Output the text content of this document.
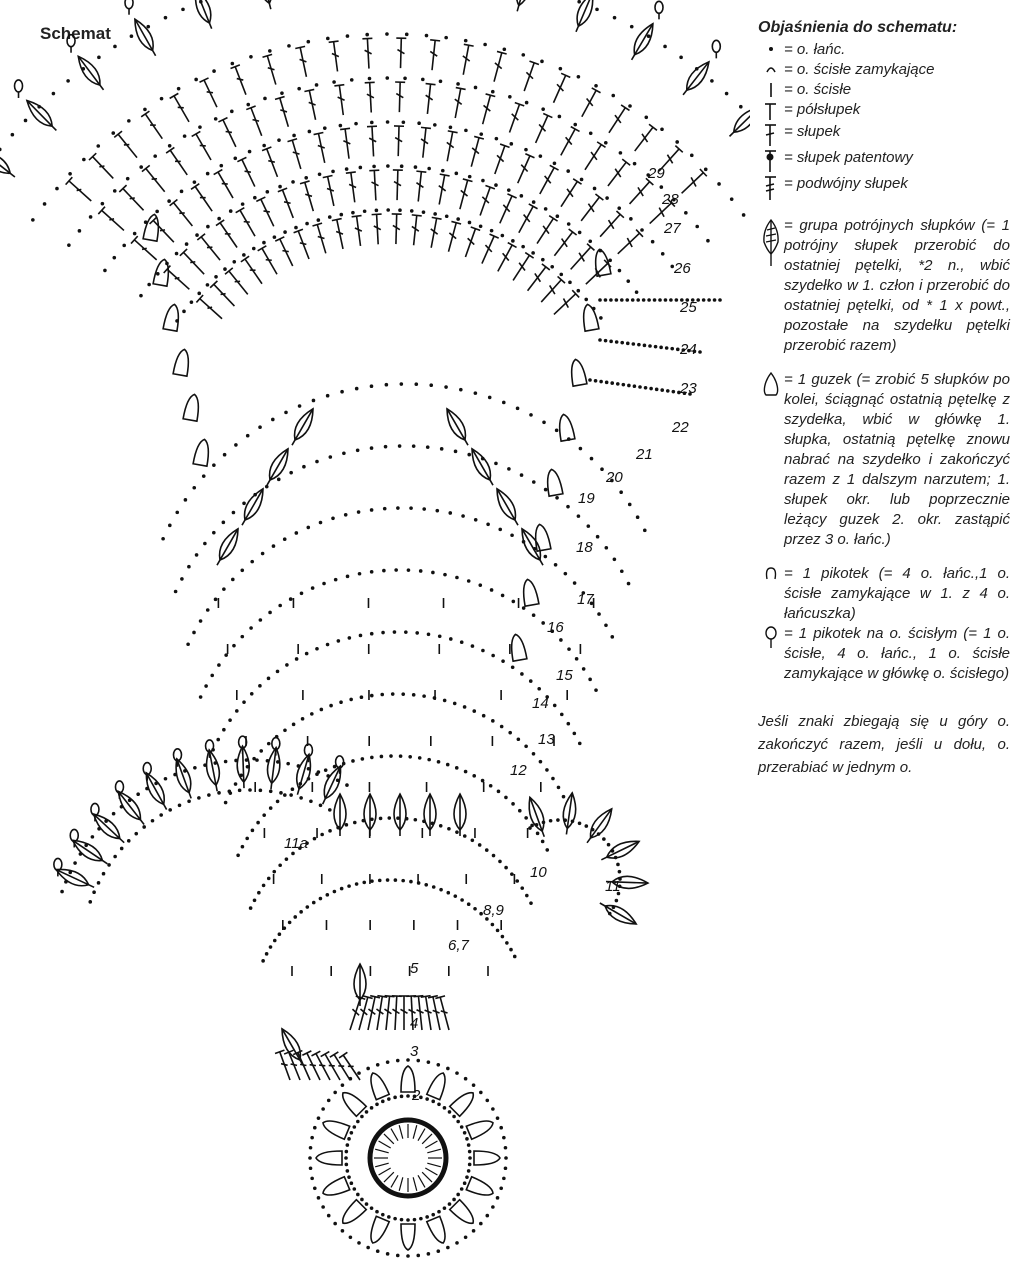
Schemat
2
3
4
5
6,7
8,9
10
11
11a
12
13
14
15
16
17
18
19
20
21
22
23
24
25
26
27
28
29
Objaśnienia do schematu:
= o. łańc.
= o. ścisłe zamykające
= o. ścisłe
= półsłupek
= słupek
= słupek patentowy
= podwójny słupek
= grupa potrójnych słupków (= 1 potrójny słupek przerobić do ostatniej pętelki, *2 n., wbić szydełko w 1. człon i przerobić do ostatniej pętelki, od * 1 x powt., pozostałe na szydełku pętelki przerobić razem)
= 1 guzek (= zrobić 5 słupków po kolei, ściągnąć ostatnią pętelkę z szydełka, wbić w główkę 1. słupka, ostatnią pętelkę znowu nabrać na szydełko i zakończyć razem z 1 dalszym narzutem; 1. słupek okr. lub poprzecznie leżący guzek 2. okr. zastąpić przez 3 o. łańc.)
= 1 pikotek (= 4 o. łańc.,1 o. ścisłe zamykające w 1. z 4 o. łańcuszka)
= 1 pikotek na o. ścisłym (= 1 o. ścisłe, 4 o. łańc., 1 o. ścisłe zamykające w główkę o. ścisłego)
Jeśli znaki zbiegają się u góry o. zakończyć razem, jeśli u dołu, o. przerabiać w jednym o.
